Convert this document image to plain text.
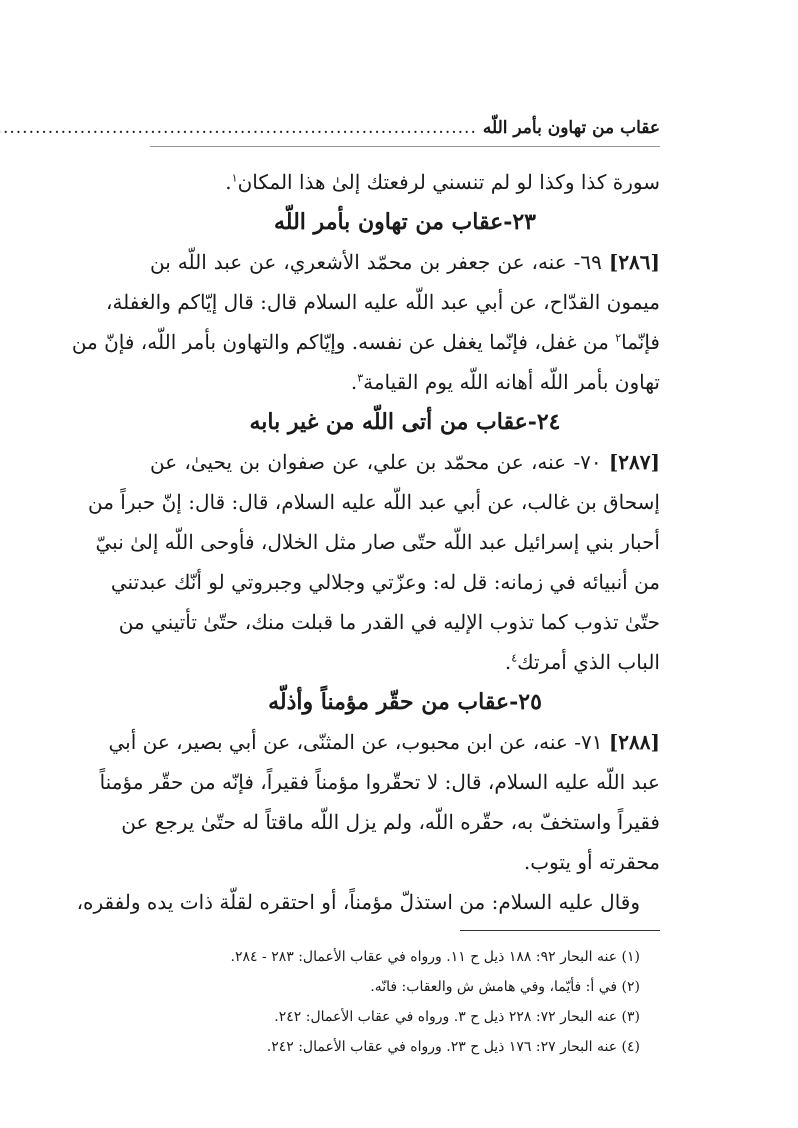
عقاب من تهاون بأمر اللّه
.....
سورة كذا وكذا لو لم تنسني لرفعتك إلىٰ هذا المكان$^١$.
٢٣-عقاب من تهاون بأمر اللّه
[٢٨٦] ٦٩- عنه، عن جعفر بن محمّد الأشعري، عن عبد اللّه بن
ميمون القدّاح، عن أبي عبد اللّه عليه السلام قال: قال إيّاكم والغفلة،
فإنّما$^٢$ من غفل، فإنّما يغفل عن نفسه. وإيّاكم والتهاون بأمر اللّه، فإنّ من
تهاون بأمر اللّه أهانه اللّه يوم القيامة$^٣$.
٢٤-عقاب من أتى اللّه من غير بابه
[٢٨٧] ٧٠- عنه، عن محمّد بن علي، عن صفوان بن يحيىٰ، عن
إسحاق بن غالب، عن أبي عبد اللّه عليه السلام، قال: قال: إنّ حبراً من
أحبار بني إسرائيل عبد اللّه حتّى صار مثل الخلال، فأوحى اللّه إلىٰ نبيّ
من أنبيائه في زمانه: قل له: وعزّتي وجلالي وجبروتي لو أنّك عبدتني
حتّىٰ تذوب كما تذوب الإليه في القدر ما قبلت منك، حتّىٰ تأتيني من
الباب الذي أمرتك$^٤$.
٢٥-عقاب من حقّر مؤمناً وأذلّه
[٢٨٨] ٧١- عنه، عن ابن محبوب، عن المثنّى، عن أبي بصير، عن أبي
عبد اللّه عليه السلام، قال: لا تحقّروا مؤمناً فقيراً، فإنّه من حقّر مؤمناً
فقيراً واستخفّ به، حقّره اللّه، ولم يزل اللّه ماقتاً له حتّىٰ يرجع عن
محقرته أو يتوب.
وقال عليه السلام: من استذلّ مؤمناً، أو احتقره لقلّة ذات يده ولفقره،
(١) عنه البحار ٩٢: ١٨٨ ذيل ح ١١. ورواه في عقاب الأعمال: ٢٨٣ - ٢٨٤.
(٢) في أ: فأيّما، وفي هامش ش والعقاب: فانّه.
(٣) عنه البحار ٧٢: ٢٢٨ ذيل ح ٣. ورواه في عقاب الأعمال: ٢٤٢.
(٤) عنه البحار ٢٧: ١٧٦ ذيل ح ٢٣. ورواه في عقاب الأعمال: ٢٤٢.
